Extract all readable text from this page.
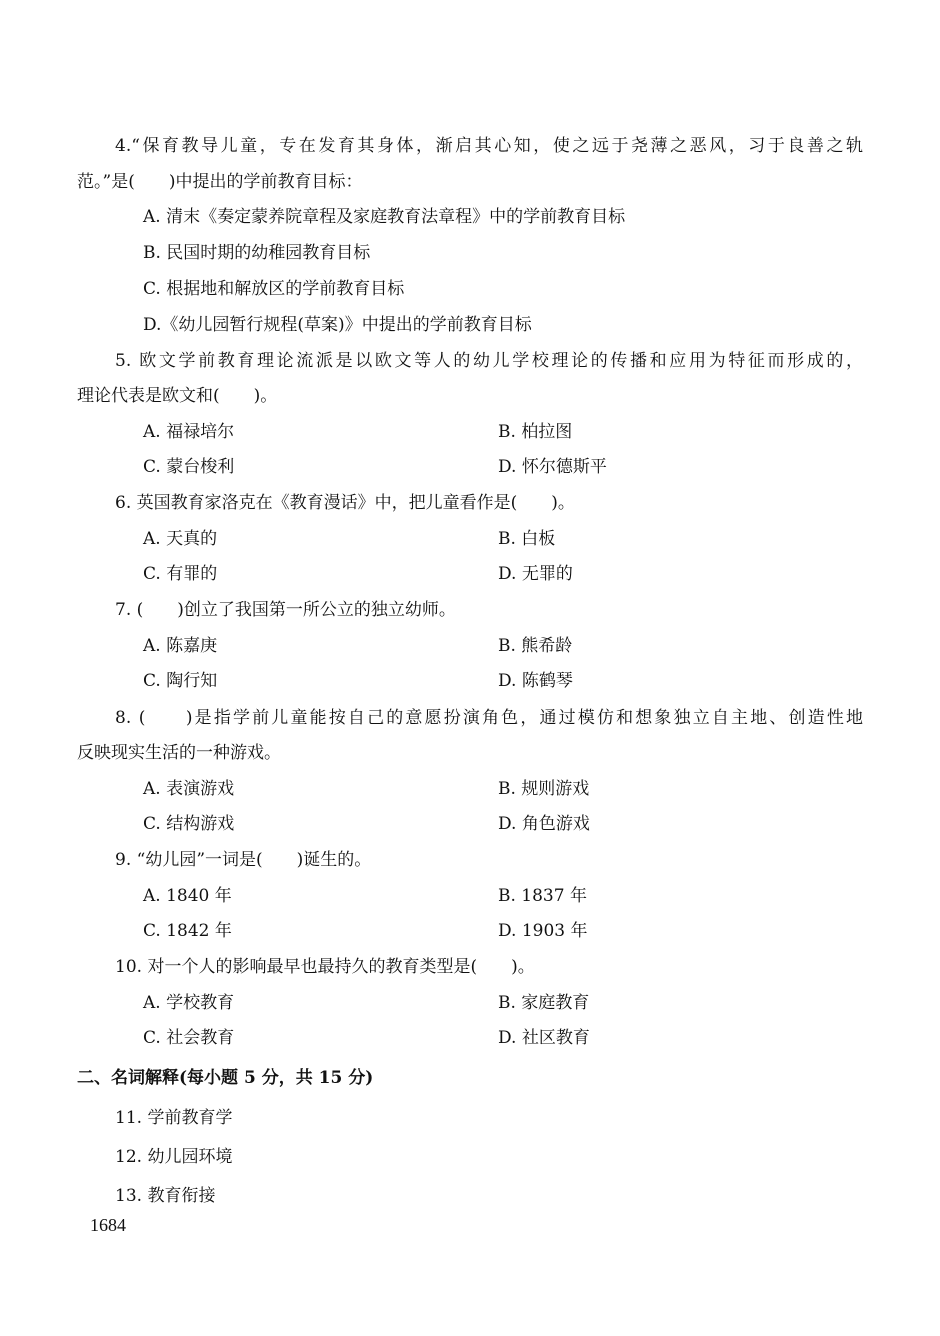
4.“保育教导儿童，专在发育其身体，渐启其心知，使之远于尧薄之恶风，习于良善之轨

范。”是(　　)中提出的学前教育目标：

A. 清末《奏定蒙养院章程及家庭教育法章程》中的学前教育目标

B. 民国时期的幼稚园教育目标

C. 根据地和解放区的学前教育目标

D.《幼儿园暂行规程(草案)》中提出的学前教育目标

5. 欧文学前教育理论流派是以欧文等人的幼儿学校理论的传播和应用为特征而形成的，

理论代表是欧文和(　　)。

A. 福禄培尔	B. 柏拉图

C. 蒙台梭利	D. 怀尔德斯平

6. 英国教育家洛克在《教育漫话》中，把儿童看作是(　　)。

A. 天真的	B. 白板

C. 有罪的	D. 无罪的

7. (　　)创立了我国第一所公立的独立幼师。

A. 陈嘉庚	B. 熊希龄

C. 陶行知	D. 陈鹤琴

8. (　　)是指学前儿童能按自己的意愿扮演角色，通过模仿和想象独立自主地、创造性地

反映现实生活的一种游戏。

A. 表演游戏	B. 规则游戏

C. 结构游戏	D. 角色游戏

9. “幼儿园”一词是(　　)诞生的。

A. 1840 年	B. 1837 年

C. 1842 年	D. 1903 年

10. 对一个人的影响最早也最持久的教育类型是(　　)。

A. 学校教育	B. 家庭教育

C. 社会教育	D. 社区教育

二、名词解释(每小题 5 分，共 15 分)

11. 学前教育学

12. 幼儿园环境

13. 教育衔接

1684
